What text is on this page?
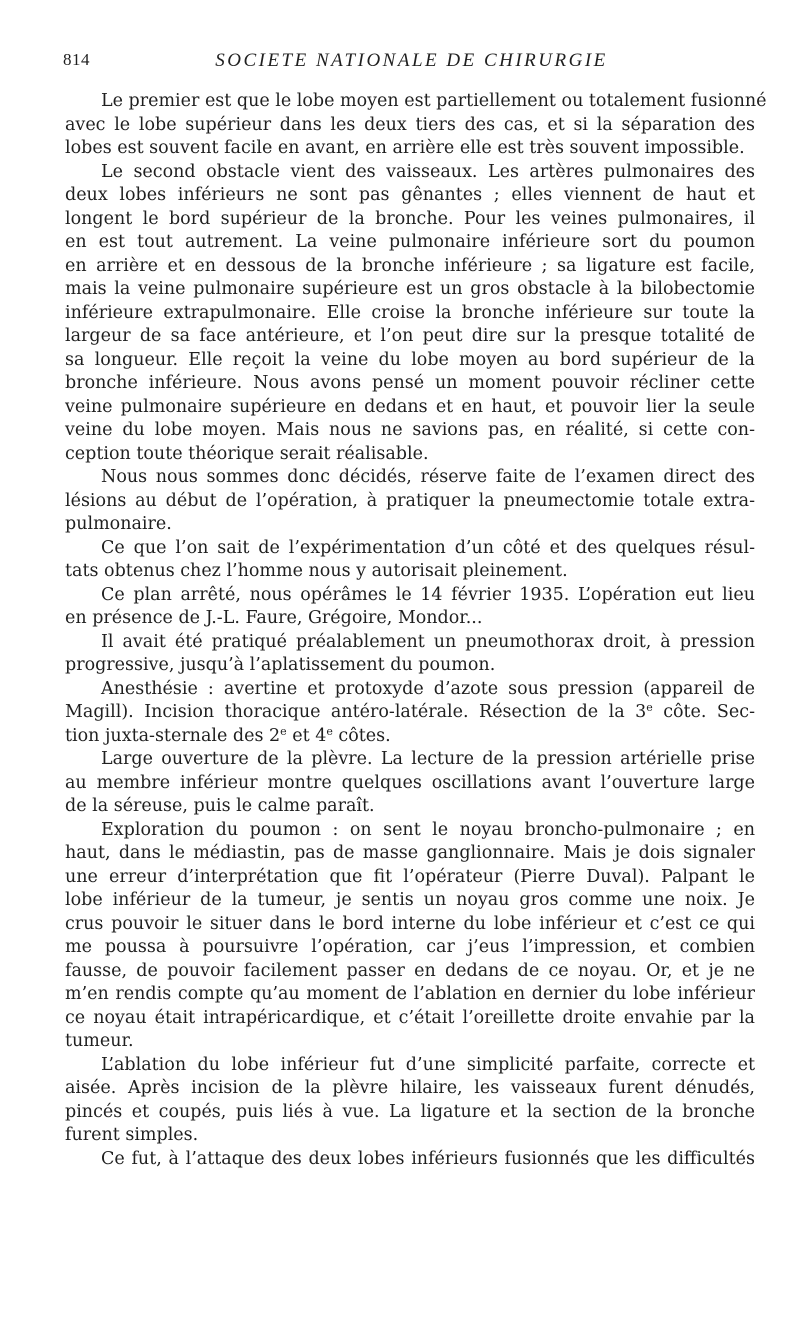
814	SOCIETE NATIONALE DE CHIRURGIE
Le premier est que le lobe moyen est partiellement ou totalement fusionné
avec le lobe supérieur dans les deux tiers des cas, et si la séparation des
lobes est souvent facile en avant, en arrière elle est très souvent impossible.
Le second obstacle vient des vaisseaux. Les artères pulmonaires des
deux lobes inférieurs ne sont pas gênantes ; elles viennent de haut et
longent le bord supérieur de la bronche. Pour les veines pulmonaires, il
en est tout autrement. La veine pulmonaire inférieure sort du poumon
en arrière et en dessous de la bronche inférieure ; sa ligature est facile,
mais la veine pulmonaire supérieure est un gros obstacle à la bilobectomie
inférieure extrapulmonaire. Elle croise la bronche inférieure sur toute la
largeur de sa face antérieure, et l’on peut dire sur la presque totalité de
sa longueur. Elle reçoit la veine du lobe moyen au bord supérieur de la
bronche inférieure. Nous avons pensé un moment pouvoir récliner cette
veine pulmonaire supérieure en dedans et en haut, et pouvoir lier la seule
veine du lobe moyen. Mais nous ne savions pas, en réalité, si cette con-
ception toute théorique serait réalisable.
Nous nous sommes donc décidés, réserve faite de l’examen direct des
lésions au début de l’opération, à pratiquer la pneumectomie totale extra-
pulmonaire.
Ce que l’on sait de l’expérimentation d’un côté et des quelques résul-
tats obtenus chez l’homme nous y autorisait pleinement.
Ce plan arrêté, nous opérâmes le 14 février 1935. L’opération eut lieu
en présence de J.-L. Faure, Grégoire, Mondor...
Il avait été pratiqué préalablement un pneumothorax droit, à pression
progressive, jusqu’à l’aplatissement du poumon.
Anesthésie : avertine et protoxyde d’azote sous pression (appareil de
Magill). Incision thoracique antéro-latérale. Résection de la 3e côte. Sec-
tion juxta-sternale des 2e et 4e côtes.
Large ouverture de la plèvre. La lecture de la pression artérielle prise
au membre inférieur montre quelques oscillations avant l’ouverture large
de la séreuse, puis le calme paraît.
Exploration du poumon : on sent le noyau broncho-pulmonaire ; en
haut, dans le médiastin, pas de masse ganglionnaire. Mais je dois signaler
une erreur d’interprétation que fit l’opérateur (Pierre Duval). Palpant le
lobe inférieur de la tumeur, je sentis un noyau gros comme une noix. Je
crus pouvoir le situer dans le bord interne du lobe inférieur et c’est ce qui
me poussa à poursuivre l’opération, car j’eus l’impression, et combien
fausse, de pouvoir facilement passer en dedans de ce noyau. Or, et je ne
m’en rendis compte qu’au moment de l’ablation en dernier du lobe inférieur
ce noyau était intrapéricardique, et c’était l’oreillette droite envahie par la
tumeur.
L’ablation du lobe inférieur fut d’une simplicité parfaite, correcte et
aisée. Après incision de la plèvre hilaire, les vaisseaux furent dénudés,
pincés et coupés, puis liés à vue. La ligature et la section de la bronche
furent simples.
Ce fut, à l’attaque des deux lobes inférieurs fusionnés que les difficultés
